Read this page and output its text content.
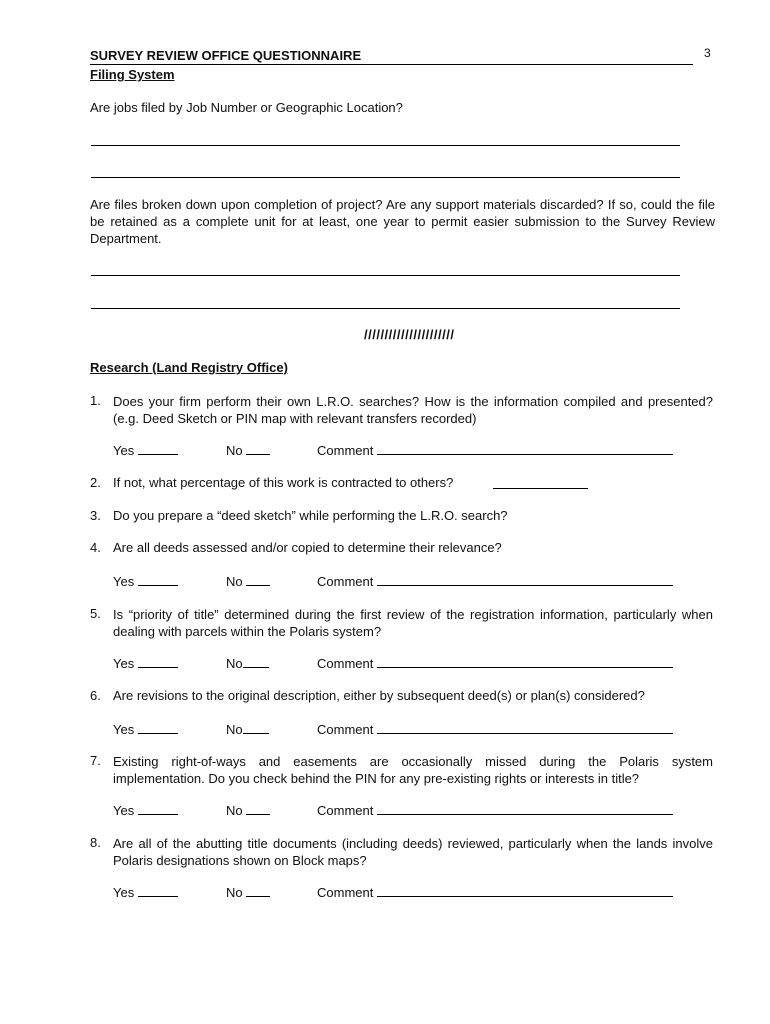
3
SURVEY REVIEW OFFICE QUESTIONNAIRE
Filing System
Are jobs filed by Job Number or Geographic Location?
Are files broken down upon completion of project? Are any support materials discarded? If so, could the file be retained as a complete unit for at least, one year to permit easier submission to the Survey Review Department.
//////////////////////
Research (Land Registry Office)
1. Does your firm perform their own L.R.O. searches? How is the information compiled and presented? (e.g. Deed Sketch or PIN map with relevant transfers recorded)
Yes	No	Comment
2. If not, what percentage of this work is contracted to others?
3. Do you prepare a “deed sketch” while performing the L.R.O. search?
4. Are all deeds assessed and/or copied to determine their relevance?
Yes	No	Comment
5. Is “priority of title” determined during the first review of the registration information, particularly when dealing with parcels within the Polaris system?
Yes	No	Comment
6. Are revisions to the original description, either by subsequent deed(s) or plan(s) considered?
Yes	No	Comment
7. Existing right-of-ways and easements are occasionally missed during the Polaris system implementation. Do you check behind the PIN for any pre-existing rights or interests in title?
Yes	No	Comment
8. Are all of the abutting title documents (including deeds) reviewed, particularly when the lands involve Polaris designations shown on Block maps?
Yes	No	Comment
